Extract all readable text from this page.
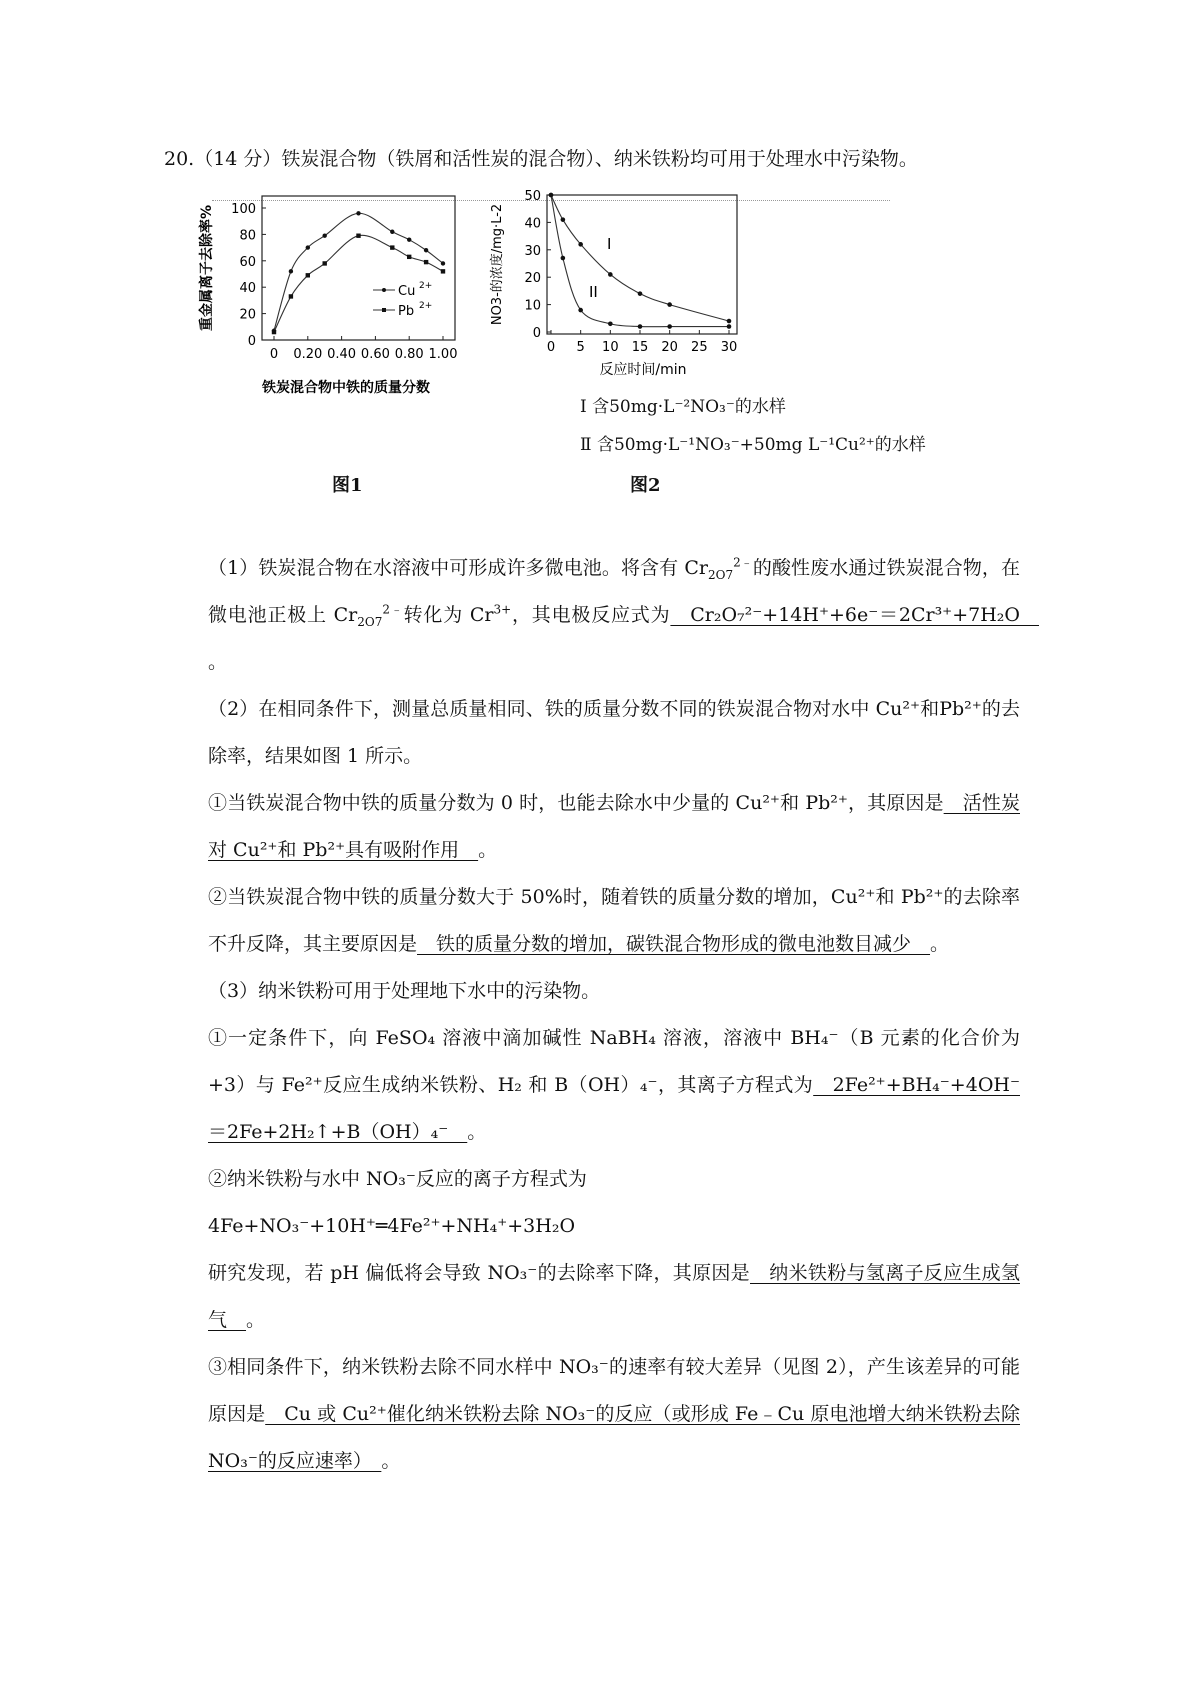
20.（14 分）铁炭混合物（铁屑和活性炭的混合物）、纳米铁粉均可用于处理水中污染物。
0
20
40
60
80
100
0 0.20 0.40 0.60 0.80 1.00
铁炭混合物中铁的质量分数
重金属离子去除率%	Cu 2+
Pb 2+
0
10
20
30
40
50
0 5 10 15 20 25 30
反应时间/min
NO3-的浓度/mg·L-2	I
II
Ⅰ 含50mg·L⁻²NO₃⁻的水样
Ⅱ 含50mg·L⁻¹NO₃⁻+50mg L⁻¹Cu²⁺的水样
图1	图2

（1）铁炭混合物在水溶液中可形成许多微电池。将含有 $Cr_{2O7}^{2﹣}$的酸性废水通过铁炭混合物，在微电池正极上 $Cr_{2O7}^{2﹣}$转化为 $Cr^{3+}$，其电极反应式为　Cr₂O₇²⁻+14H⁺+6e⁻＝2Cr³⁺+7H₂O　。

（2）在相同条件下，测量总质量相同、铁的质量分数不同的铁炭混合物对水中 Cu²⁺和Pb²⁺的去除率，结果如图 1 所示。

①当铁炭混合物中铁的质量分数为 0 时，也能去除水中少量的 Cu²⁺和 Pb²⁺，其原因是　活性炭对 Cu²⁺和 Pb²⁺具有吸附作用　。

②当铁炭混合物中铁的质量分数大于 50%时，随着铁的质量分数的增加，Cu²⁺和 Pb²⁺的去除率不升反降，其主要原因是　铁的质量分数的增加，碳铁混合物形成的微电池数目减少　。

（3）纳米铁粉可用于处理地下水中的污染物。

①一定条件下，向 FeSO₄ 溶液中滴加碱性 NaBH₄ 溶液，溶液中 BH₄⁻（B 元素的化合价为+3）与 Fe²⁺反应生成纳米铁粉、H₂ 和 B（OH）₄⁻，其离子方程式为　2Fe²⁺+BH₄⁻+4OH⁻＝2Fe+2H₂↑+B（OH）₄⁻　。

②纳米铁粉与水中 NO₃⁻反应的离子方程式为

4Fe+NO₃⁻+10H⁺═4Fe²⁺+NH₄⁺+3H₂O

研究发现，若 pH 偏低将会导致 NO₃⁻的去除率下降，其原因是　纳米铁粉与氢离子反应生成氢气　。

③相同条件下，纳米铁粉去除不同水样中 NO₃⁻的速率有较大差异（见图 2），产生该差异的可能原因是　Cu 或 Cu²⁺催化纳米铁粉去除 NO₃⁻的反应（或形成 Fe﹣Cu 原电池增大纳米铁粉去除 NO₃⁻的反应速率）　。
